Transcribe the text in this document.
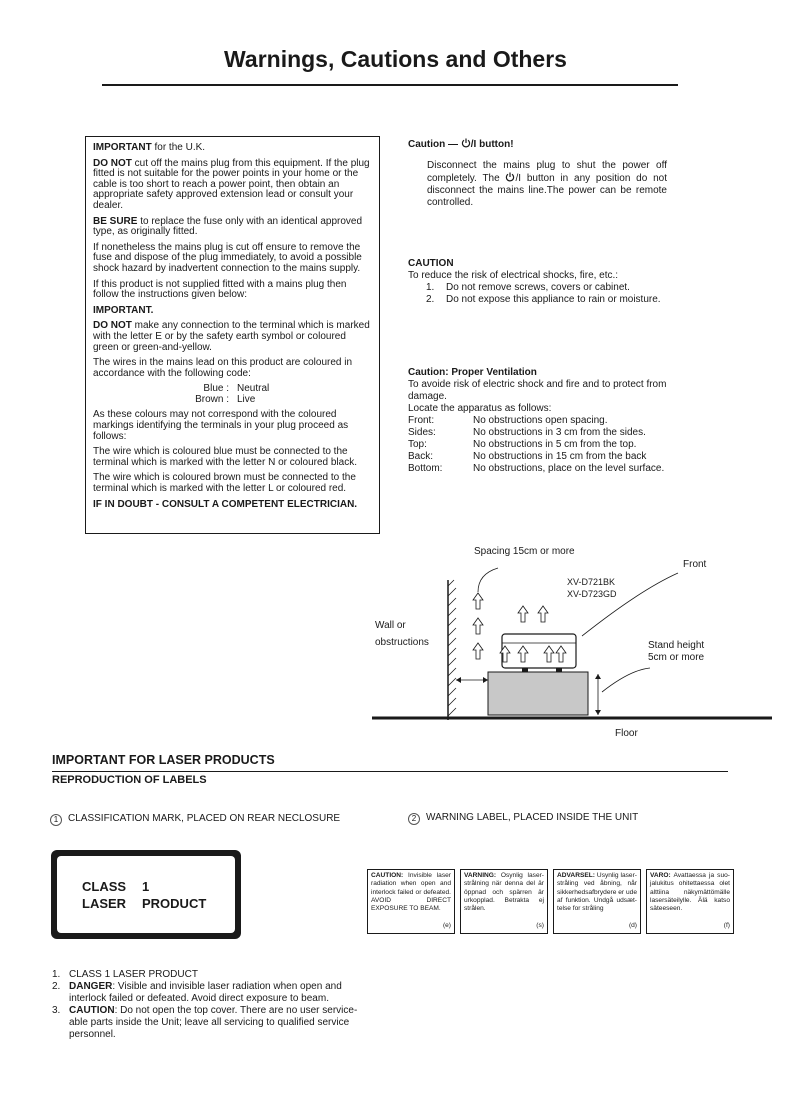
Warnings, Cautions and Others

IMPORTANT for the U.K.

DO NOT cut off the mains plug from this equipment. If the plug fitted is not suitable for the power points in your home or the cable is too short to reach a power point, then obtain an appropriate safety approved extension lead or consult your dealer.

BE SURE to replace the fuse only with an identical approved type, as originally fitted.

If nonetheless the mains plug is cut off ensure to remove the fuse and dispose of the plug immediately, to avoid a possible shock hazard by inadvertent connection to the mains supply.

If this product is not supplied fitted with a mains plug then follow the instructions given below:

IMPORTANT.

DO NOT make any connection to the terminal which is marked with the letter E or by the safety earth symbol or coloured green or green-and-yellow.

The wires in the mains lead on this product are coloured in accordance with the following code:

Blue : Neutral
Brown : Live

As these colours may not correspond with the coloured markings identifying the terminals in your plug proceed as follows:

The wire which is coloured blue must be connected to the terminal which is marked with the letter N or coloured black.

The wire which is coloured brown must be connected to the terminal which is marked with the letter L or coloured red.

IF IN DOUBT - CONSULT A COMPETENT ELECTRICIAN.

Caution — /I button!
Disconnect the mains plug to shut the power off completely. The /I button in any position do not disconnect the mains line.The power can be remote controlled.
CAUTION
To reduce the risk of electrical shocks, fire, etc.:
1.	Do not remove screws, covers or cabinet.
2.	Do not expose this appliance to rain or moisture.
Caution: Proper Ventilation
To avoide risk of electric shock and fire and to protect from damage.
Locate the apparatus as follows:
Front:	No obstructions open spacing.
Sides:	No obstructions in 3 cm from the sides.
Top:	No obstructions in 5 cm from the top.
Back:	No obstructions in 15 cm from the back
Bottom:	No obstructions, place on the level surface.
Spacing 15cm or more
Front
XV-D721BK
XV-D723GD
Wall or
obstructions	Stand height
5cm or more
Floor
IMPORTANT FOR LASER PRODUCTS
REPRODUCTION OF LABELS
1 CLASSIFICATION MARK, PLACED ON REAR NECLOSURE	2 WARNING LABEL, PLACED INSIDE THE UNIT
CLASS 1
LASER PRODUCT
CAUTION: Invisible laser radiation when open and interlock failed or defeated. AVOID DIRECT EXPOSURE TO BEAM.
(e)
VARNING: Osynlig laser-strålning när denna del är öppnad och spärren är urkopplad. Betrakta ej strålen.
(s)
ADVARSEL: Usynlig laser-stråling ved åbning, når sikkerhedsafbrydere er ude af funktion. Undgå udsæt-telse for stråling
(d)
VARO: Avattaessa ja suo-jalukitus ohitettaessa olet alttiina näkymättömälle lasersäteilylle. Älä katso säteeseen.
(f)
1. CLASS 1 LASER PRODUCT
2. DANGER: Visible and invisible laser radiation when open and interlock failed or defeated. Avoid direct exposure to beam.
3. CAUTION: Do not open the top cover. There are no user service-able parts inside the Unit; leave all servicing to qualified service personnel.
